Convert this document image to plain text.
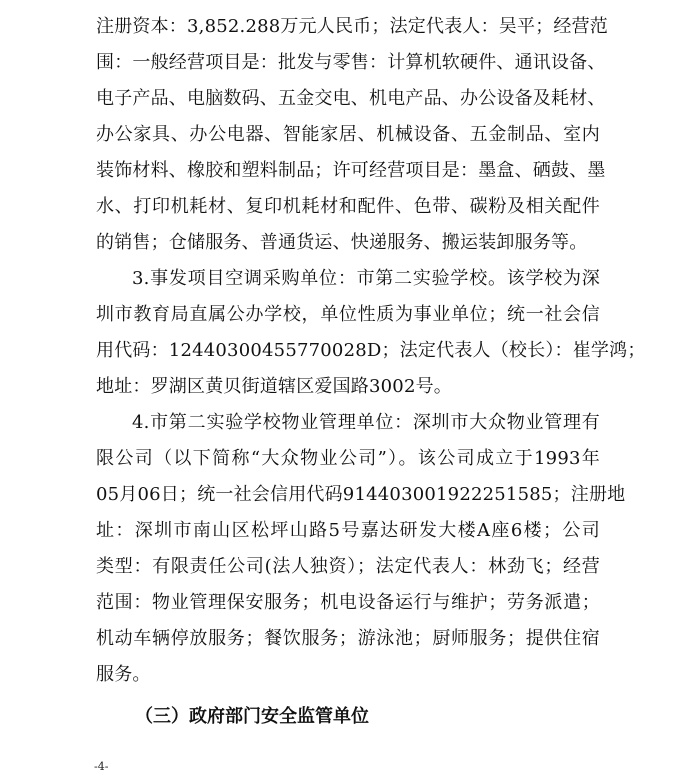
注册资本：3,852.288万元人民币；法定代表人：吴平；经营范
围：一般经营项目是：批发与零售：计算机软硬件、通讯设备、
电子产品、电脑数码、五金交电、机电产品、办公设备及耗材、
办公家具、办公电器、智能家居、机械设备、五金制品、室内
装饰材料、橡胶和塑料制品；许可经营项目是：墨盒、硒鼓、墨
水、打印机耗材、复印机耗材和配件、色带、碳粉及相关配件
的销售；仓储服务、普通货运、快递服务、搬运装卸服务等。
3.事发项目空调采购单位：市第二实验学校。该学校为深
圳市教育局直属公办学校，单位性质为事业单位；统一社会信
用代码：12440300455770028D；法定代表人（校长）：崔学鸿；
地址：罗湖区黄贝街道辖区爱国路3002号。
4.市第二实验学校物业管理单位：深圳市大众物业管理有
限公司（以下简称“大众物业公司”）。该公司成立于1993年
05月06日；统一社会信用代码914403001922251585；注册地
址：深圳市南山区松坪山路5号嘉达研发大楼A座6楼；公司
类型：有限责任公司(法人独资）；法定代表人：林劲飞；经营
范围：物业管理保安服务；机电设备运行与维护；劳务派遣；
机动车辆停放服务；餐饮服务；游泳池；厨师服务；提供住宿
服务。
（三）政府部门安全监管单位
-4-
